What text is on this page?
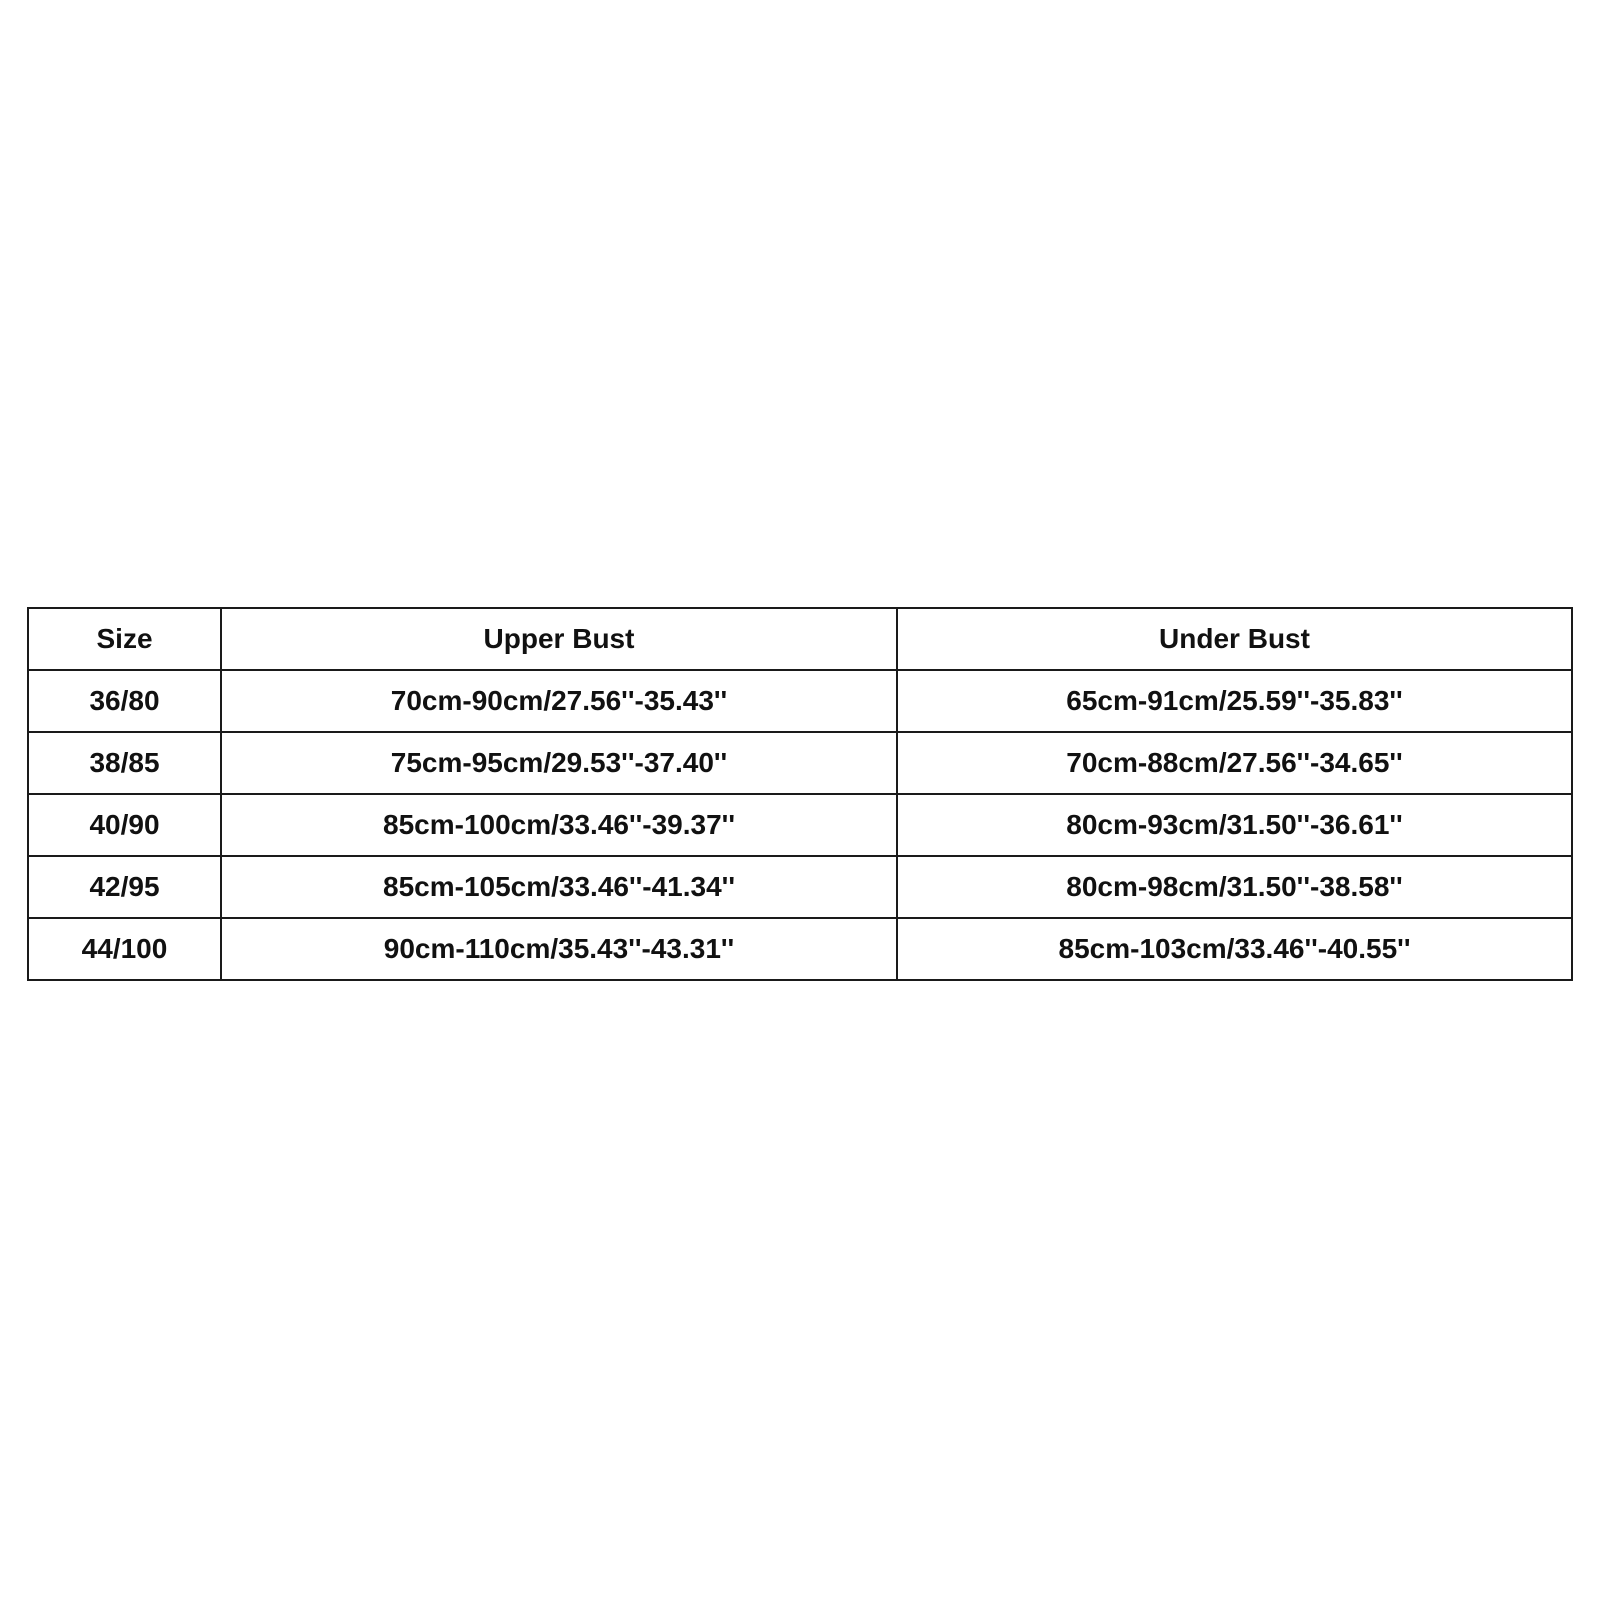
Size	Upper Bust	Under Bust
36/80	70cm-90cm/27.56''-35.43''	65cm-91cm/25.59''-35.83''
38/85	75cm-95cm/29.53''-37.40''	70cm-88cm/27.56''-34.65''
40/90	85cm-100cm/33.46''-39.37''	80cm-93cm/31.50''-36.61''
42/95	85cm-105cm/33.46''-41.34''	80cm-98cm/31.50''-38.58''
44/100	90cm-110cm/35.43''-43.31''	85cm-103cm/33.46''-40.55''
